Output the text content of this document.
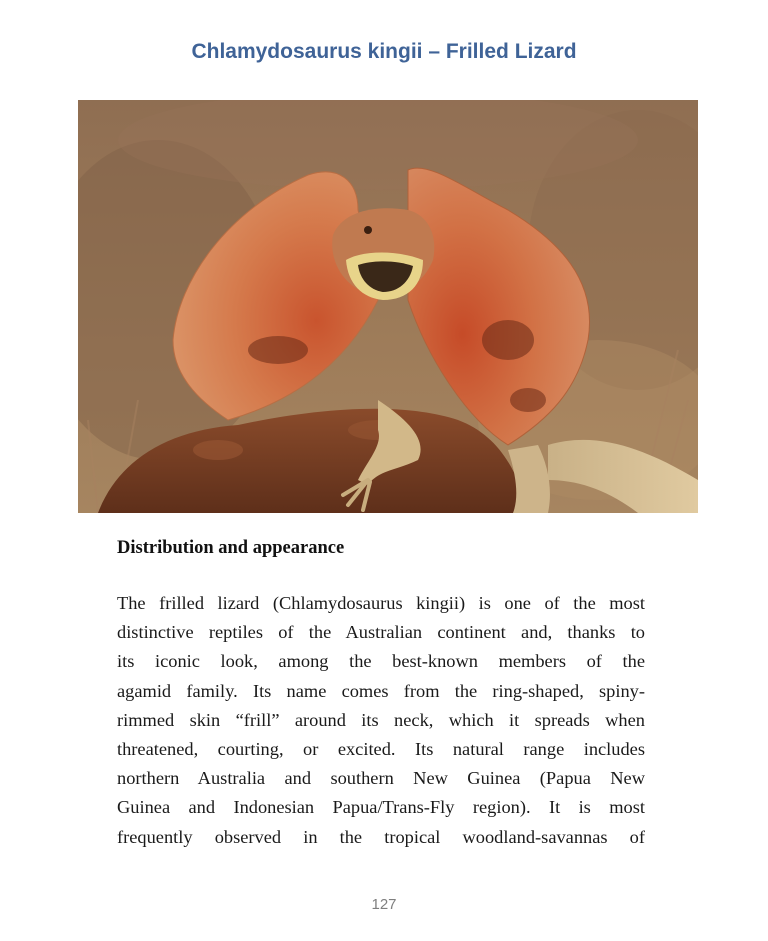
Chlamydosaurus kingii – Frilled Lizard
Distribution and appearance
The frilled lizard (Chlamydosaurus kingii) is one of the most
distinctive reptiles of the Australian continent and, thanks to
its iconic look, among the best-known members of the
agamid family. Its name comes from the ring-shaped, spiny-
rimmed skin “frill” around its neck, which it spreads when
threatened, courting, or excited. Its natural range includes
northern Australia and southern New Guinea (Papua New
Guinea and Indonesian Papua/Trans-Fly region). It is most
frequently observed in the tropical woodland-savannas of
127
